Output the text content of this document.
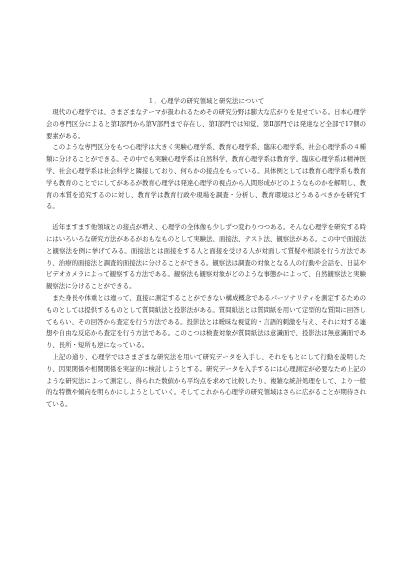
１．心理学の研究領域と研究法について

現代の心理学では、さまざまなテーマが扱われるためその研究分野は膨大な広がりを見せている。日本心理学会の専門区分によると第Ⅰ部門から第Ⅴ部門まで存在し、第Ⅰ部門では知覚、第Ⅱ部門では発達など全部で17個の要素がある。

このような専門区分をもつ心理学は大きく実験心理学系、教育心理学系、臨床心理学系、社会心理学系の４種類に分けることができる。その中でも実験心理学系は自然科学、教育心理学系は教育学、臨床心理学系は精神医学、社会心理学系は社会科学と隣接しており、何らかの接点をもっている。具体例としては教育心理学系も教育学も教育のことでにしてがあるが教育心理学は発達心理学の視点から人間形成がどのようなものかを解明し、教育の本質を追究するのに対し、教育学は教育行政や現場を調査・分析し、教育環境はどうあるべきかを研究する。

近年ますます他領域との接点が増え、心理学の全体像も少しずつ変わりつつある。そんな心理学を研究する時にはいろいろな研究方法があるがおもなものとして実験法、面接法、テスト法、観察法がある。この中で面接法と観察法を例に挙げてみる。面接法とは面接をする人と面接を受ける人が対面して質疑や相談を行う方法であり、治療的面接法と調査的面接法に分けることができる。観察法は調査の対象となる人の行動や会話を、日誌やビデオカメラによって観察する方法である。観察法も観察対象がどのような事態かによって、自然観察法と実験観察法に分けることができる。

また身長や体重とは違って、直接に測定することができない構成概念であるパーソナリティを測定するためのものとしては提供するものとして質問紙法と投影法がある。質問紙法とは質問紙を用いて定型的な質問に回答してもらい、その回答から査定を行う方法である。投影法とは曖昧な視覚的・言語的刺激を与え、それに対する連想や自由な反応から査定を行う方法である。このこつは検査対象が質問紙法は意識面で、投影法は無意識面であり、長所・短所も逆になっている。

上記の通り、心理学ではさまざまな研究法を用いて研究データを入手し、それをもとにして行動を説明したり、因果関係や相関関係を実証的に検討しようとする。研究データを入手するには心理測定が必要なため上記のような研究法によって測定し、得られた数値から平均点を求めて比較したり、複雑な統計処理をして、より一般的な特徴や傾向を明らかにしようとしていく。そしてこれから心理学の研究領域はさらに広がることが期待されている。
